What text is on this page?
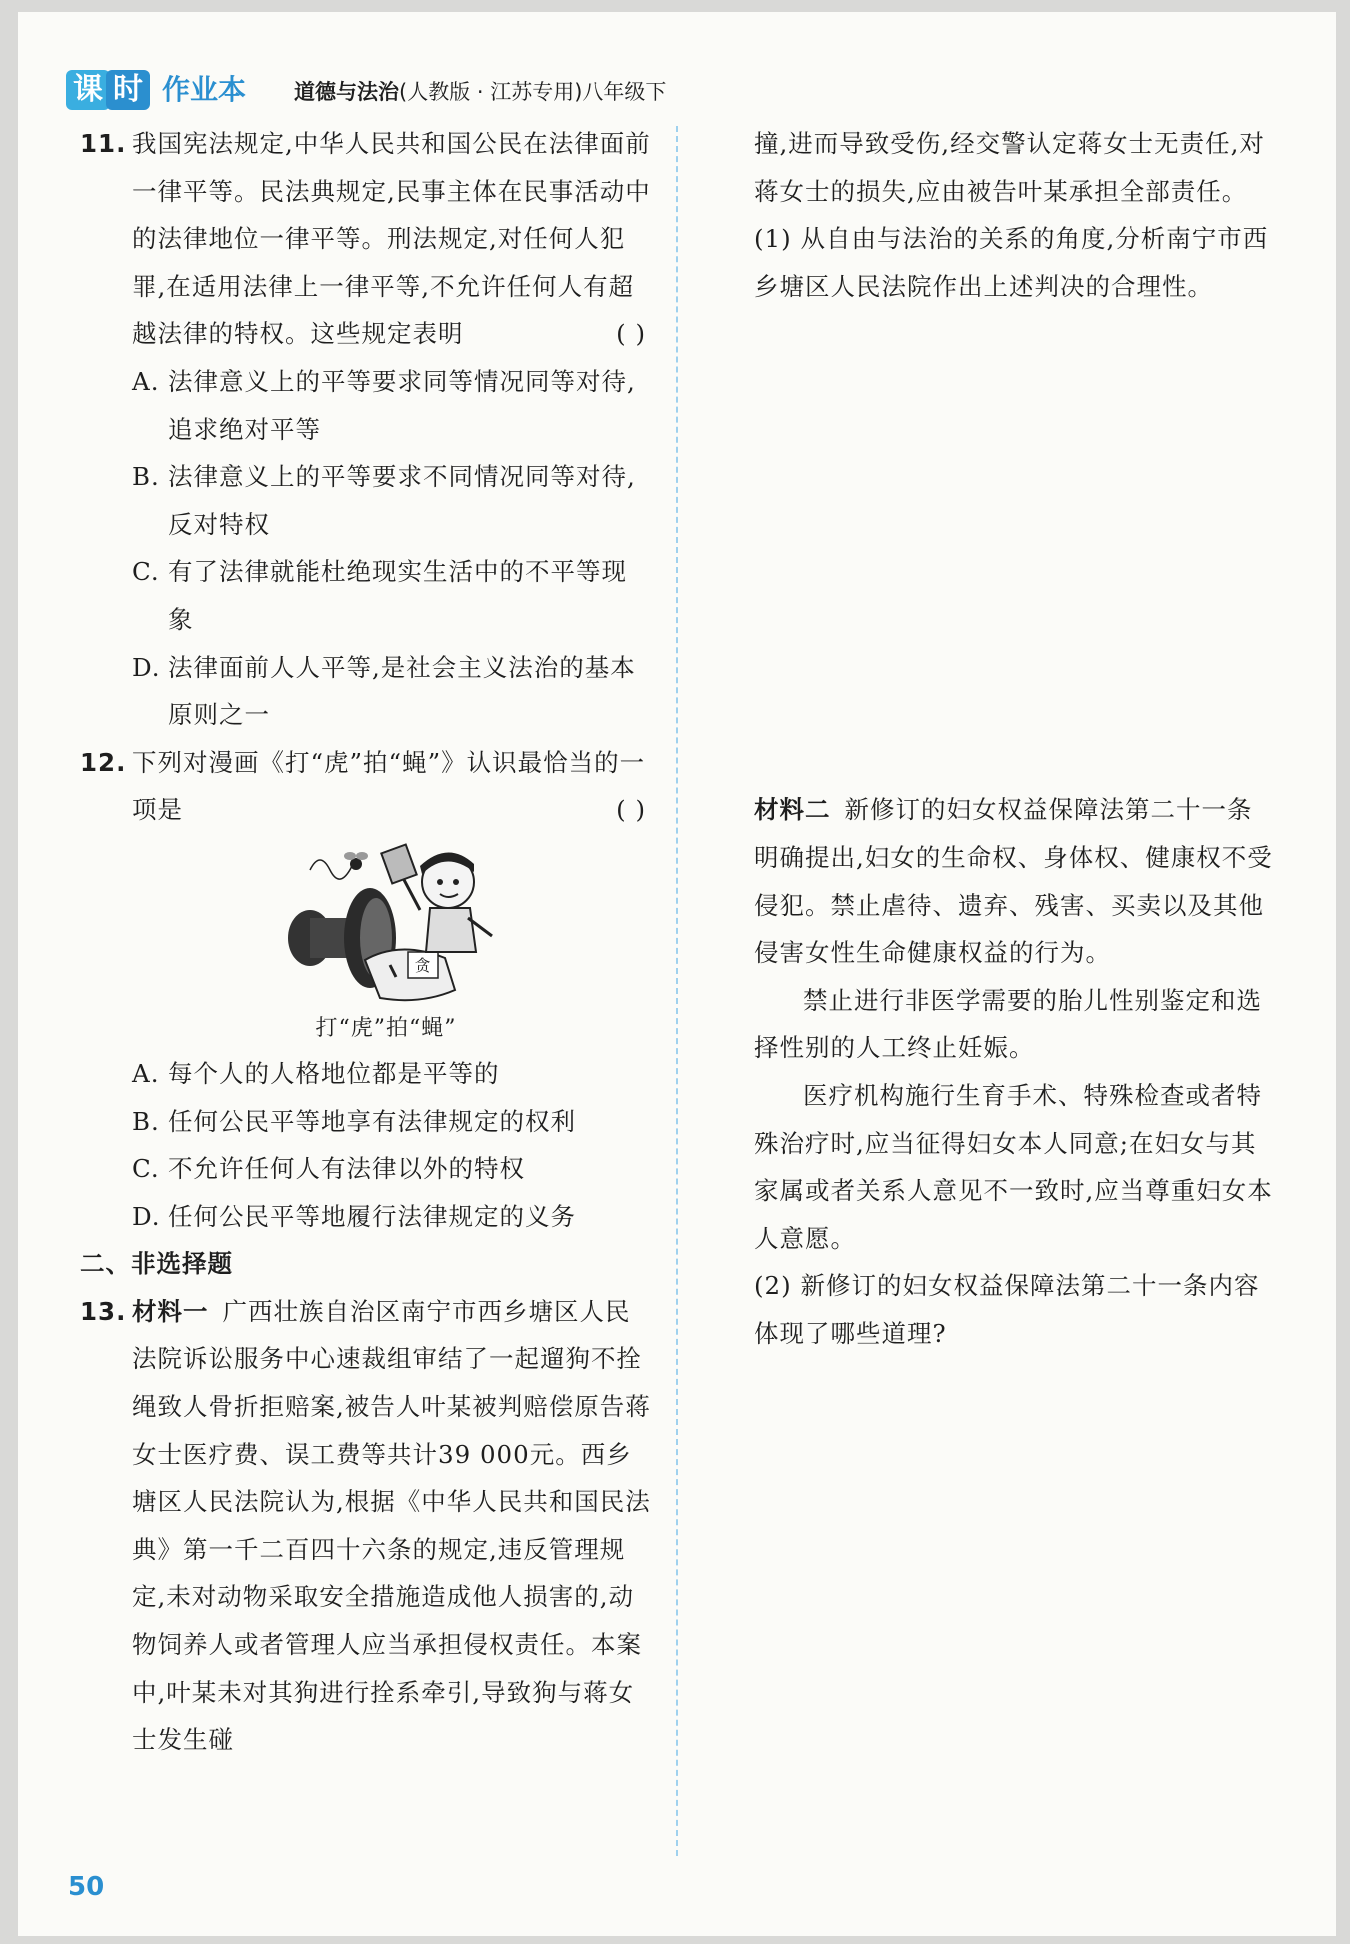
课 时 作业本 道德与法治(人教版 · 江苏专用)八年级下
11. 我国宪法规定,中华人民共和国公民在法律面前一律平等。民法典规定,民事主体在民事活动中的法律地位一律平等。刑法规定,对任何人犯罪,在适用法律上一律平等,不允许任何人有超越法律的特权。这些规定表明	( )
A. 法律意义上的平等要求同等情况同等对待,追求绝对平等
B. 法律意义上的平等要求不同情况同等对待,反对特权
C. 有了法律就能杜绝现实生活中的不平等现象
D. 法律面前人人平等,是社会主义法治的基本原则之一
12. 下列对漫画《打“虎”拍“蝇”》认识最恰当的一项是	( )
贪
打“虎”拍“蝇”
A. 每个人的人格地位都是平等的
B. 任何公民平等地享有法律规定的权利
C. 不允许任何人有法律以外的特权
D. 任何公民平等地履行法律规定的义务
二、非选择题
13. 材料一 广西壮族自治区南宁市西乡塘区人民法院诉讼服务中心速裁组审结了一起遛狗不拴绳致人骨折拒赔案,被告人叶某被判赔偿原告蒋女士医疗费、误工费等共计39 000元。西乡塘区人民法院认为,根据《中华人民共和国民法典》第一千二百四十六条的规定,违反管理规定,未对动物采取安全措施造成他人损害的,动物饲养人或者管理人应当承担侵权责任。本案中,叶某未对其狗进行拴系牵引,导致狗与蒋女士发生碰

撞,进而导致受伤,经交警认定蒋女士无责任,对蒋女士的损失,应由被告叶某承担全部责任。

(1) 从自由与法治的关系的角度,分析南宁市西乡塘区人民法院作出上述判决的合理性。

材料二 新修订的妇女权益保障法第二十一条明确提出,妇女的生命权、身体权、健康权不受侵犯。禁止虐待、遗弃、残害、买卖以及其他侵害女性生命健康权益的行为。

禁止进行非医学需要的胎儿性别鉴定和选择性别的人工终止妊娠。

医疗机构施行生育手术、特殊检查或者特殊治疗时,应当征得妇女本人同意;在妇女与其家属或者关系人意见不一致时,应当尊重妇女本人意愿。

(2) 新修订的妇女权益保障法第二十一条内容体现了哪些道理?

50
